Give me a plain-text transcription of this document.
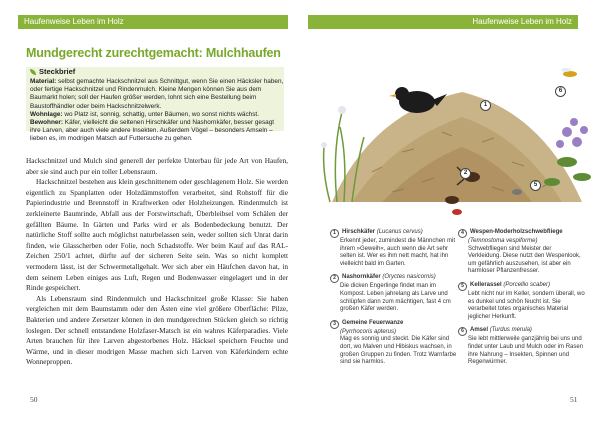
Haufenweise Leben im Holz
Mundgerecht zurechtgemacht: Mulchhaufen
Steckbrief
Material: selbst gemachte Hackschnitzel aus Schnittgut, wenn Sie einen Häcksler haben, oder fertige Hackschnitzel und Rindenmulch. Kleine Mengen können Sie aus dem Baumarkt holen; soll der Haufen größer werden, lohnt sich eine Bestellung beim Baustoffhändler oder beim Hackschnitzelwerk.
Wohnlage: wo Platz ist, sonnig, schattig, unter Bäumen, wo sonst nichts wächst.
Bewohner: Käfer, vielleicht die seltenen Hirschkäfer und Nashornkäfer, besser gesagt ihre Larven, aber auch viele andere Insekten. Außerdem Vögel – besonders Amseln – lieben es, im modrigen Matsch auf Futtersuche zu gehen.

Hackschnitzel und Mulch sind generell der perfekte Unterbau für jede Art von Haufen, aber sie sind auch pur ein toller Lebensraum.

Hackschnitzel bestehen aus klein geschnittenem oder geschlagenem Holz. Sie werden eigentlich zu Spanplatten oder Holzdämmstoffen verarbeitet, sind Rohstoff für die Papierindustrie und Brennstoff in Kraftwerken oder Holzheizungen. Rindenmulch ist zerkleinerte Baumrinde, Abfall aus der Forstwirtschaft, Überbleibsel vom Schälen der gefällten Bäume. In Gärten und Parks wird er als Bodenbedeckung benutzt. Der natürliche Stoff sollte auch möglichst naturbelassen sein, weder sollten sich Unrat darin finden, wie Glasscherben oder Folie, noch Schadstoffe. Wer beim Kauf auf das RAL-Zeichen 250/1 achtet, dürfte auf der sicheren Seite sein. Was so nicht komplett vermodern lässt, ist der Schwermetallgehalt. Wer sich aber ein Häufchen davon hat, in dem seinem Leben einiges aus Luft, Regen und Bodenwasser eingelagert und in der Rinde gespeichert.

Als Lebensraum sind Rindenmulch und Hackschnitzel große Klasse: Sie haben vergleichen mit dem Baumstamm oder den Ästen eine viel größere Oberfläche: Pilze, Bakterien und andere Zersetzer können in den mundgerechten Stücken gleich so richtig loslegen. Der schnell entstandene Holzfaser-Matsch ist ein wahres Käferparadies. Viele Arten brauchen für ihre Larven abgestorbenes Holz. Häcksel speichern Feuchte und Wärme, und in dieser modrigen Masse machen sich Larven von Käferkindern echte Wonneproppen.

50
Haufenweise Leben im Holz
6
1
2
5
1	Hirschkäfer (Lucanus cervus)
Erkennt jeder, zumindest die Männchen mit ihrem »Geweih«, auch wenn die Art sehr selten ist. Wer es ihm nett macht, hat ihn vielleicht bald im Garten.
2	Nashornkäfer (Oryctes nasicornis)
Die dicken Engerlinge findet man im Kompost. Leben jahrelang als Larve und schlüpfen dann zum mächtigen, fast 4 cm großen Käfer werden.
3	Gemeine Feuerwanze
(Pyrrhocoris apterus)
Mag es sonnig und steckt. Die Käfer sind dort, wo Malven und Hibiskus wachsen, in großen Gruppen zu finden. Trotz Warnfarbe sind sie harmlos.
4	Wespen-Moderholzschwebfliege
(Temnostoma vespiforme)
Schwebfliegen sind Meister der Verkleidung. Diese nutzt den Wespenlook, um gefährlich auszusehen, ist aber ein harmloser Pflanzenfresser.
5	Kellerassel (Porcellio scaber)
Lebt nicht nur im Keller, sondern überall, wo es dunkel und schön feucht ist. Sie verarbeitet totes organisches Material jeglicher Herkunft.
6	Amsel (Turdus merula)
Sie lebt mittlerweile ganzjährig bei uns und findet unter Laub und Mulch oder im Rasen ihre Nahrung – Insekten, Spinnen und Regenwürmer.
51
